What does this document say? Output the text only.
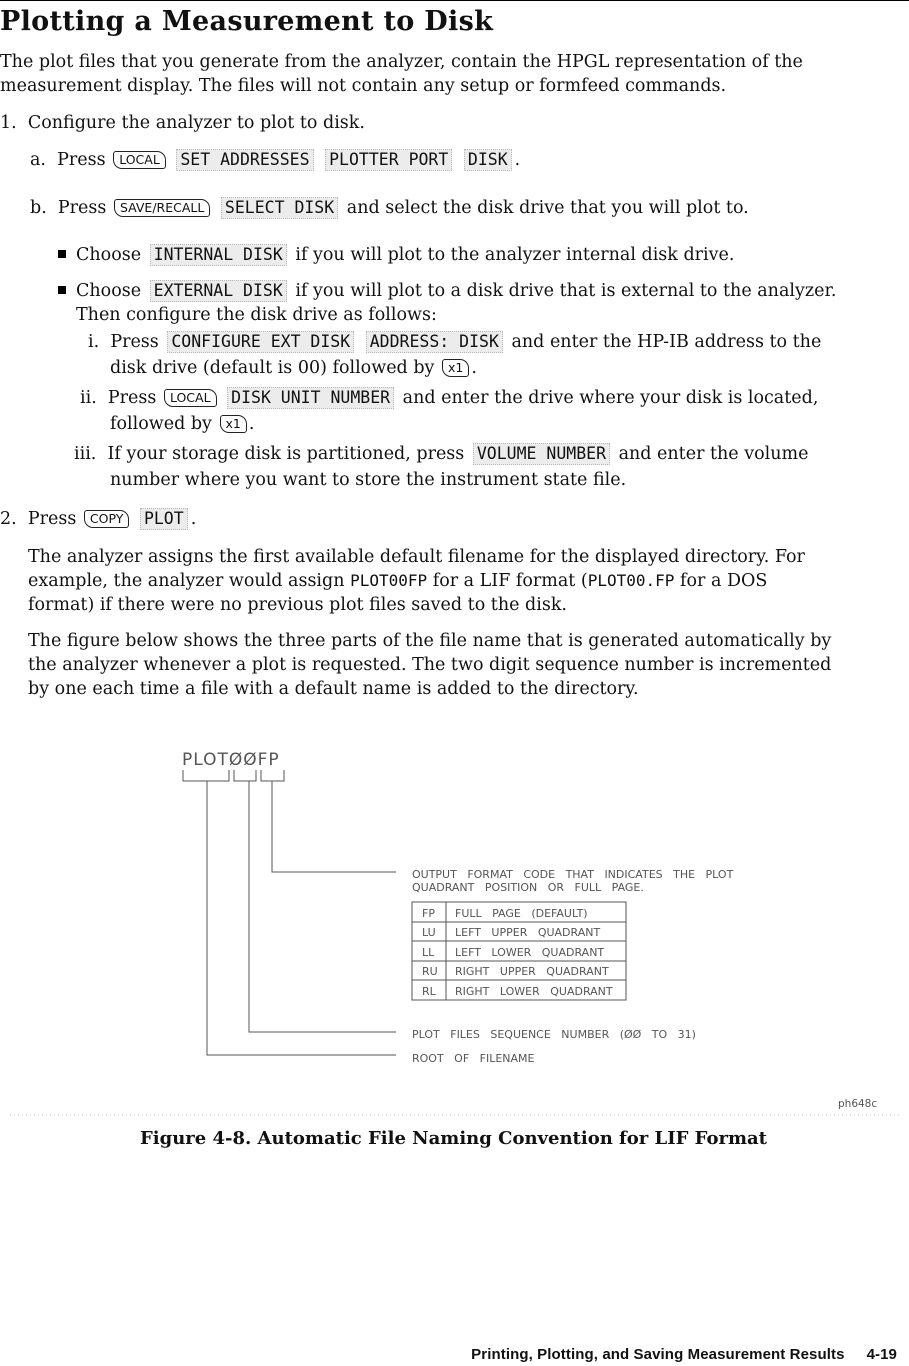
Plotting a Measurement to Disk
The plot files that you generate from the analyzer, contain the HPGL representation of the
measurement display. The files will not contain any setup or formfeed commands.
1. Configure the analyzer to plot to disk.
a. Press LOCAL SET ADDRESSES PLOTTER PORT DISK .
b. Press SAVE/RECALL SELECT DISK and select the disk drive that you will plot to.
Choose INTERNAL DISK if you will plot to the analyzer internal disk drive.
Choose EXTERNAL DISK if you will plot to a disk drive that is external to the analyzer.
Then configure the disk drive as follows:
i. Press CONFIGURE EXT DISK ADDRESS: DISK and enter the HP-IB address to the
disk drive (default is 00) followed by x1 .
ii. Press LOCAL DISK UNIT NUMBER and enter the drive where your disk is located,
followed by x1 .
iii. If your storage disk is partitioned, press VOLUME NUMBER and enter the volume
number where you want to store the instrument state file.
2. Press COPY PLOT .
The analyzer assigns the first available default filename for the displayed directory. For
example, the analyzer would assign PLOT00FP for a LIF format (PLOT00.FP for a DOS
format) if there were no previous plot files saved to the disk.
The figure below shows the three parts of the file name that is generated automatically by
the analyzer whenever a plot is requested. The two digit sequence number is incremented
by one each time a file with a default name is added to the directory.
PLOTØØFP
OUTPUT   FORMAT   CODE   THAT   INDICATES   THE   PLOT
QUADRANT   POSITION   OR   FULL   PAGE.
FP FULL   PAGE   (DEFAULT)
LU LEFT   UPPER   QUADRANT
LL LEFT   LOWER   QUADRANT
RU RIGHT   UPPER   QUADRANT
RL RIGHT   LOWER   QUADRANT
PLOT   FILES   SEQUENCE   NUMBER   (ØØ   TO   31)
ROOT   OF   FILENAME
ph648c
Figure 4-8. Automatic File Naming Convention for LIF Format
Printing, Plotting, and Saving Measurement Results 4-19
